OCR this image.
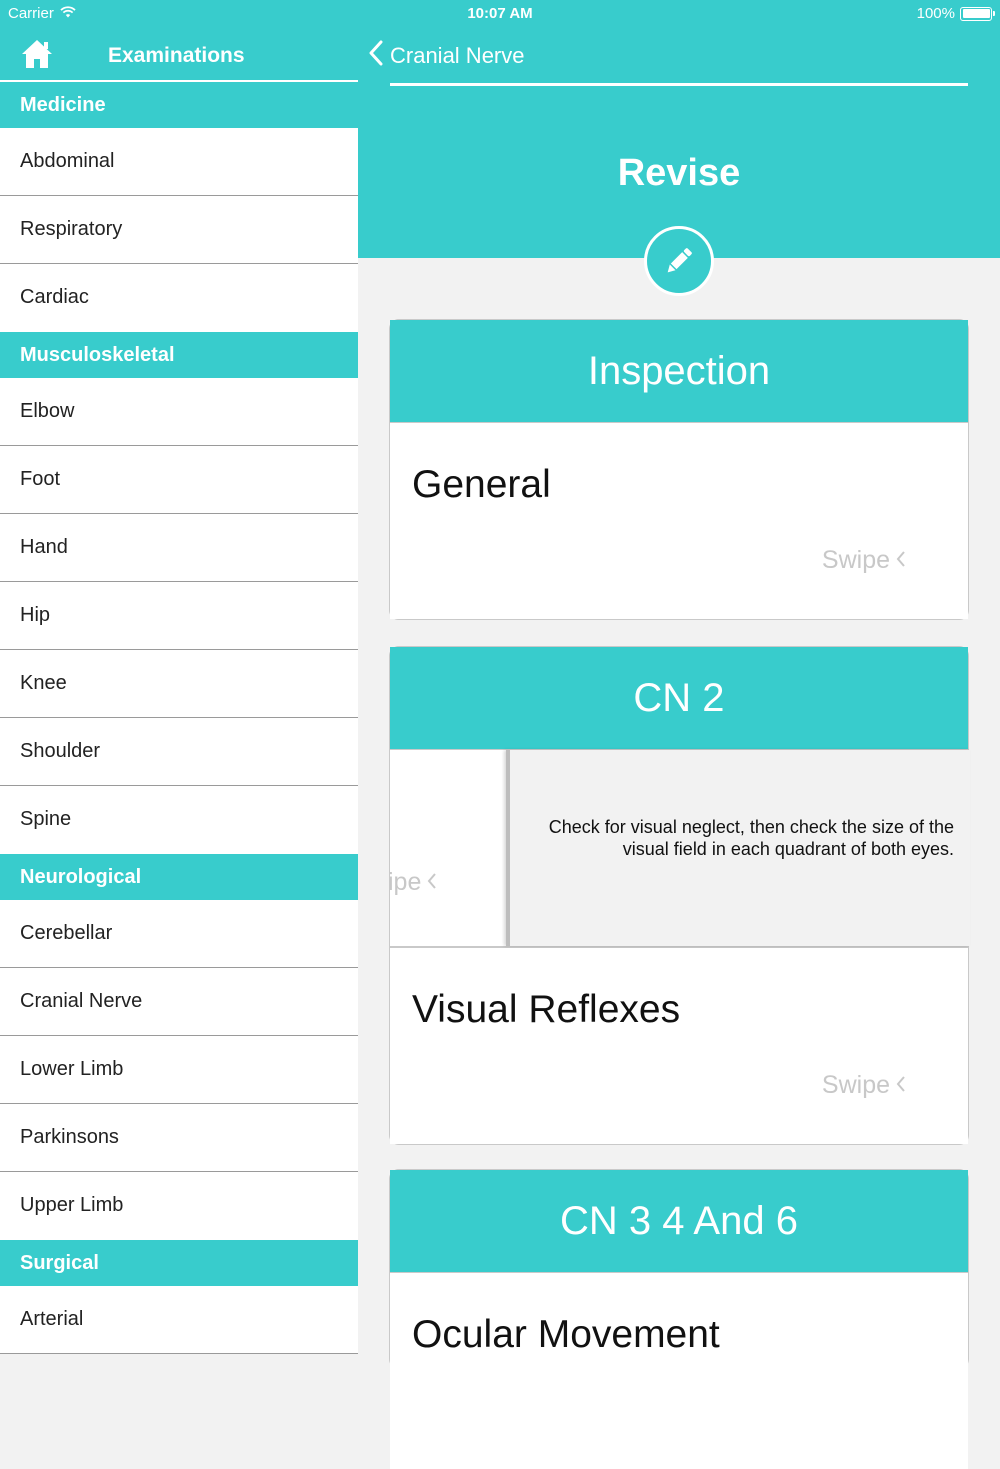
Carrier	10:07 AM	100%
Examinations
Medicine
Abdominal
Respiratory
Cardiac
Musculoskeletal
Elbow
Foot
Hand
Hip
Knee
Shoulder
Spine
Neurological
Cerebellar
Cranial Nerve
Lower Limb
Parkinsons
Upper Limb
Surgical
Arterial
Cranial Nerve
Revise
Inspection
General
Swipe
CN 2
ipe
Check for visual neglect, then check the size of the visual field in each quadrant of both eyes.
Visual Reflexes
Swipe
CN 3 4 And 6
Ocular Movement
